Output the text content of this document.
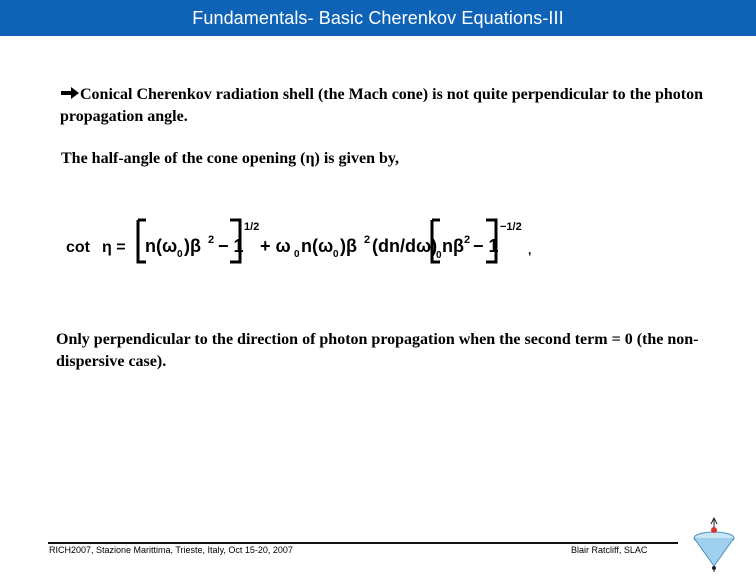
Fundamentals- Basic Cherenkov Equations-III
Conical Cherenkov radiation shell (the Mach cone) is not quite perpendicular to the photon propagation angle.
The half-angle of the cone opening (η) is given by,
cot η = n(ω 0 )β 2 − 1
1/2
+ ω 0 n(ω 0 )β 2 (dn/dω)
0 nβ 2 − 1
−1/2
,
Only perpendicular to the direction of photon propagation when the second term = 0 (the non-dispersive case).
RICH2007, Stazione Marittima, Trieste, Italy, Oct 15-20, 2007	Blair Ratcliff, SLAC
